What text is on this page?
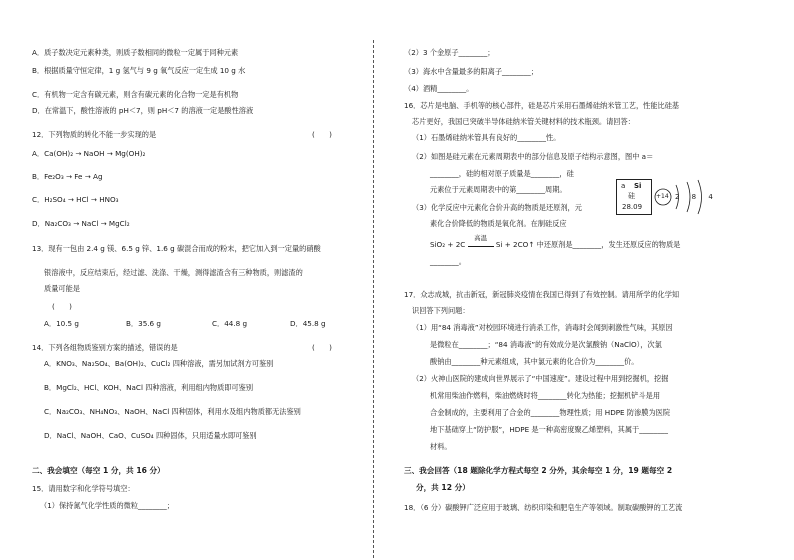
A．质子数决定元素种类，则质子数相同的微粒一定属于同种元素
B．根据质量守恒定律，1 g 氢气与 9 g 氧气反应一定生成 10 g 水
C．有机物一定含有碳元素，则含有碳元素的化合物一定是有机物
D．在常温下，酸性溶液的 pH＜7，则 pH＜7 的溶液一定是酸性溶液
12．下列物质的转化不能一步实现的是	(　　)
A．Ca(OH)₂ → NaOH → Mg(OH)₂
B．Fe₂O₃ → Fe → Ag
C．H₂SO₄ → HCl → HNO₃
D．Na₂CO₃ → NaCl → MgCl₂
13．现有一包由 2.4 g 镁、6.5 g 锌、1.6 g 碳混合而成的粉末，把它加入到一定量的硝酸
银溶液中，反应结束后，经过滤、洗涤、干燥，测得滤渣含有三种物质，则滤渣的
质量可能是
(　　)
A．10.5 g	B．35.6 g	C．44.8 g	D．45.8 g
14．下列各组物质鉴别方案的描述，错误的是	(　　)
A．KNO₃、Na₂SO₄、Ba(OH)₂、CuCl₂ 四种溶液，需另加试剂方可鉴别
B．MgCl₂、HCl、KOH、NaCl 四种溶液，利用组内物质即可鉴别
C．Na₂CO₃、NH₄NO₃、NaOH、NaCl 四种固体，利用水及组内物质都无法鉴别
D．NaCl、NaOH、CaO、CuSO₄ 四种固体，只用适量水即可鉴别
二、我会填空（每空 1 分，共 16 分）
15．请用数字和化学符号填空：
（1）保持氮气化学性质的微粒________；
（2）3 个金原子________；
（3）海水中含量最多的阳离子________；
（4）酒精________。
16．芯片是电脑、手机等的核心部件，硅是芯片采用石墨烯硅纳米管工艺，性能比硅基
芯片更好，我国已突破半导体硅纳米管关键材料的技术瓶颈。请回答：
（1）石墨烯硅纳米管具有良好的________性。
（2）如图是硅元素在元素周期表中的部分信息及原子结构示意图，图中 a＝
________，硅的相对原子质量是________，硅
元素位于元素周期表中的第________周期。
（3）化学反应中元素化合价升高的物质是还原剂，元
素化合价降低的物质是氧化剂。在制硅反应
SiO₂ + 2C
高温
Si + 2CO↑ 中还原剂是________，发生还原反应的物质是
________。
a Si
硅
28.09
+14 2 8 4
17．众志成城，抗击新冠，新冠肺炎疫情在我国已得到了有效控制。请用所学的化学知
识回答下列问题：
（1）用“84 消毒液”对校园环境进行消杀工作，消毒时会闻到刺激性气味，其原因
是微粒在________；“84 消毒液”的有效成分是次氯酸钠（NaClO），次氯
酸钠由________种元素组成，其中氯元素的化合价为________价。
（2）火神山医院的建成向世界展示了“中国速度”。建设过程中用到挖掘机，挖掘
机常用柴油作燃料，柴油燃烧时将________转化为热能；挖掘机铲斗是用
合金制成的，主要利用了合金的________物理性质；用 HDPE 防渗膜为医院
地下基础穿上“防护服”，HDPE 是一种高密度聚乙烯塑料，其属于________
材料。
三、我会回答（18 题除化学方程式每空 2 分外，其余每空 1 分，19 题每空 2
分，共 12 分）
18．（6 分）碳酸钾广泛应用于玻璃、纺织印染和肥皂生产等领域。制取碳酸钾的工艺流
